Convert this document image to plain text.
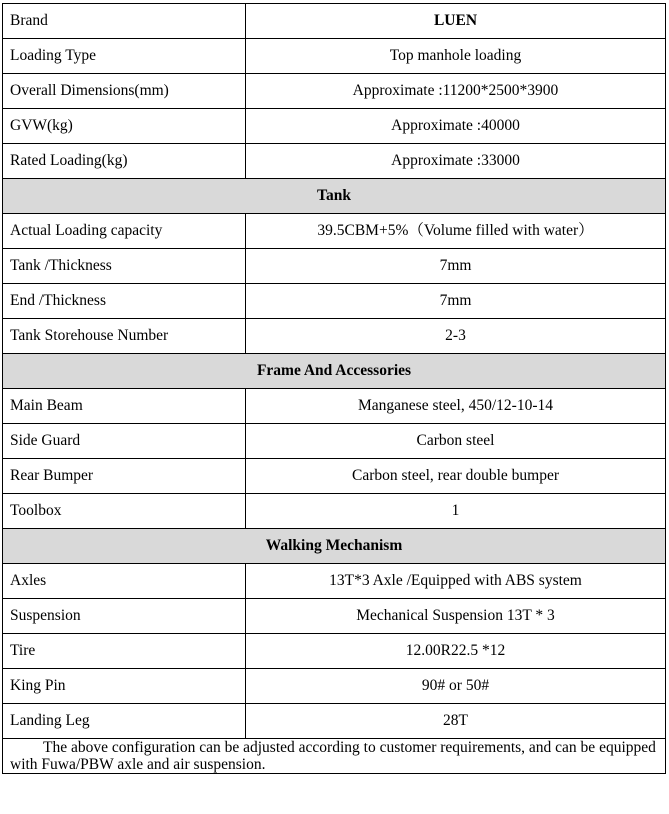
Brand	LUEN
Loading Type	Top manhole loading
Overall Dimensions(mm)	Approximate :11200*2500*3900
GVW(kg)	Approximate :40000
Rated Loading(kg)	Approximate :33000
Tank	
Actual Loading capacity	39.5CBM+5%（Volume filled with water）
Tank /Thickness	7mm
End /Thickness	7mm
Tank Storehouse Number	2-3
Frame And Accessories	
Main Beam	Manganese steel, 450/12-10-14
Side Guard	Carbon steel
Rear Bumper	Carbon steel, rear double bumper
Toolbox	1
Walking Mechanism	
Axles	13T*3 Axle /Equipped with ABS system
Suspension	Mechanical Suspension 13T * 3
Tire	12.00R22.5 *12
King Pin	90# or 50#
Landing Leg	28T
The above configuration can be adjusted according to customer requirements, and can be equipped with Fuwa/PBW axle and air suspension.	
